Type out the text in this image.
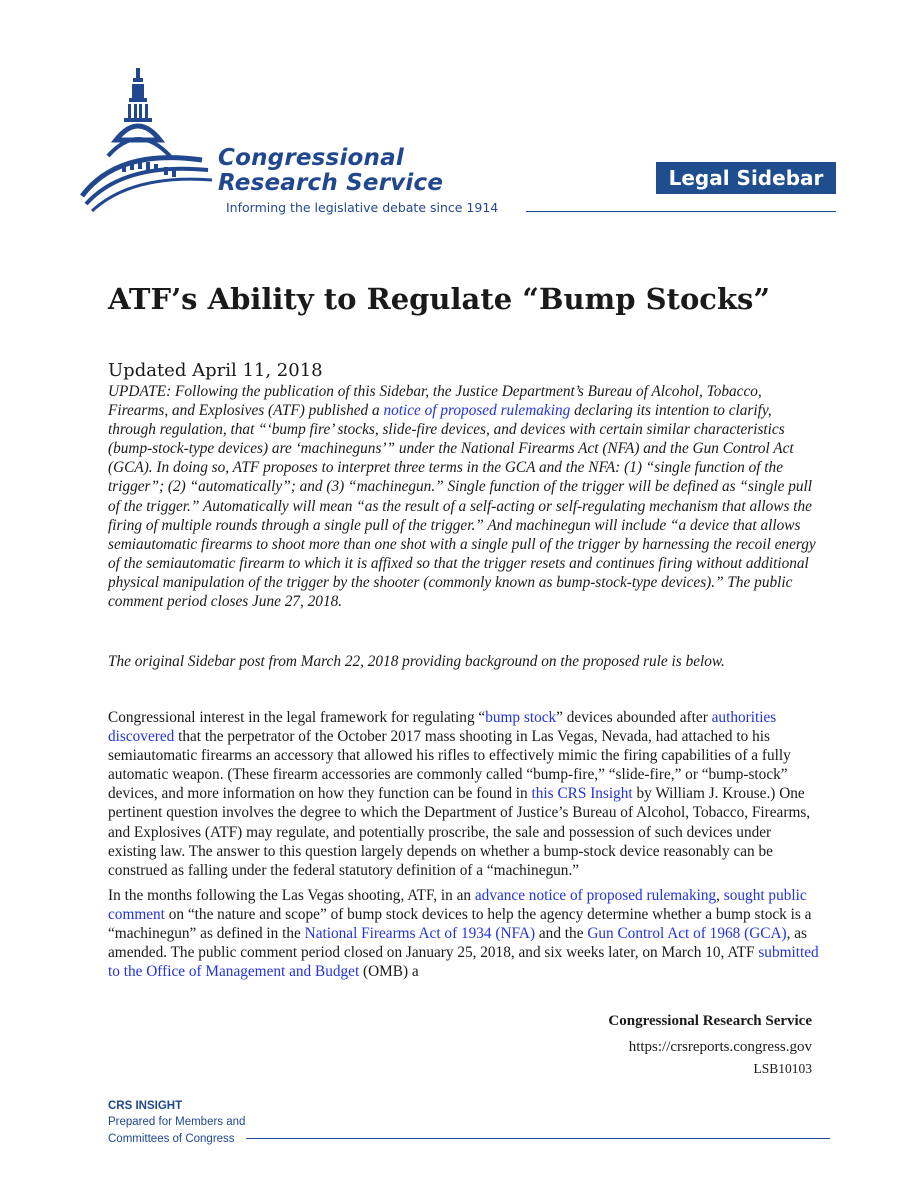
Congressional
Research Service
Informing the legislative debate since 1914
Legal Sidebar
ATF’s Ability to Regulate “Bump Stocks”
Updated April 11, 2018

UPDATE: Following the publication of this Sidebar, the Justice Department’s Bureau of Alcohol, Tobacco, Firearms, and Explosives (ATF) published a notice of proposed rulemaking declaring its intention to clarify, through regulation, that “‘bump fire’ stocks, slide-fire devices, and devices with certain similar characteristics (bump-stock-type devices) are ‘machineguns’” under the National Firearms Act (NFA) and the Gun Control Act (GCA). In doing so, ATF proposes to interpret three terms in the GCA and the NFA: (1) “single function of the trigger”; (2) “automatically”; and (3) “machinegun.” Single function of the trigger will be defined as “single pull of the trigger.” Automatically will mean “as the result of a self-acting or self-regulating mechanism that allows the firing of multiple rounds through a single pull of the trigger.” And machinegun will include “a device that allows semiautomatic firearms to shoot more than one shot with a single pull of the trigger by harnessing the recoil energy of the semiautomatic firearm to which it is affixed so that the trigger resets and continues firing without additional physical manipulation of the trigger by the shooter (commonly known as bump-stock-type devices).” The public comment period closes June 27, 2018.

The original Sidebar post from March 22, 2018 providing background on the proposed rule is below.

Congressional interest in the legal framework for regulating “bump stock” devices abounded after authorities discovered that the perpetrator of the October 2017 mass shooting in Las Vegas, Nevada, had attached to his semiautomatic firearms an accessory that allowed his rifles to effectively mimic the firing capabilities of a fully automatic weapon. (These firearm accessories are commonly called “bump-fire,” “slide-fire,” or “bump-stock” devices, and more information on how they function can be found in this CRS Insight by William J. Krouse.) One pertinent question involves the degree to which the Department of Justice’s Bureau of Alcohol, Tobacco, Firearms, and Explosives (ATF) may regulate, and potentially proscribe, the sale and possession of such devices under existing law. The answer to this question largely depends on whether a bump-stock device reasonably can be construed as falling under the federal statutory definition of a “machinegun.”

In the months following the Las Vegas shooting, ATF, in an advance notice of proposed rulemaking, sought public comment on “the nature and scope” of bump stock devices to help the agency determine whether a bump stock is a “machinegun” as defined in the National Firearms Act of 1934 (NFA) and the Gun Control Act of 1968 (GCA), as amended. The public comment period closed on January 25, 2018, and six weeks later, on March 10, ATF submitted to the Office of Management and Budget (OMB) a

Congressional Research Service
https://crsreports.congress.gov
LSB10103
CRS INSIGHT
Prepared for Members and
Committees of Congress
